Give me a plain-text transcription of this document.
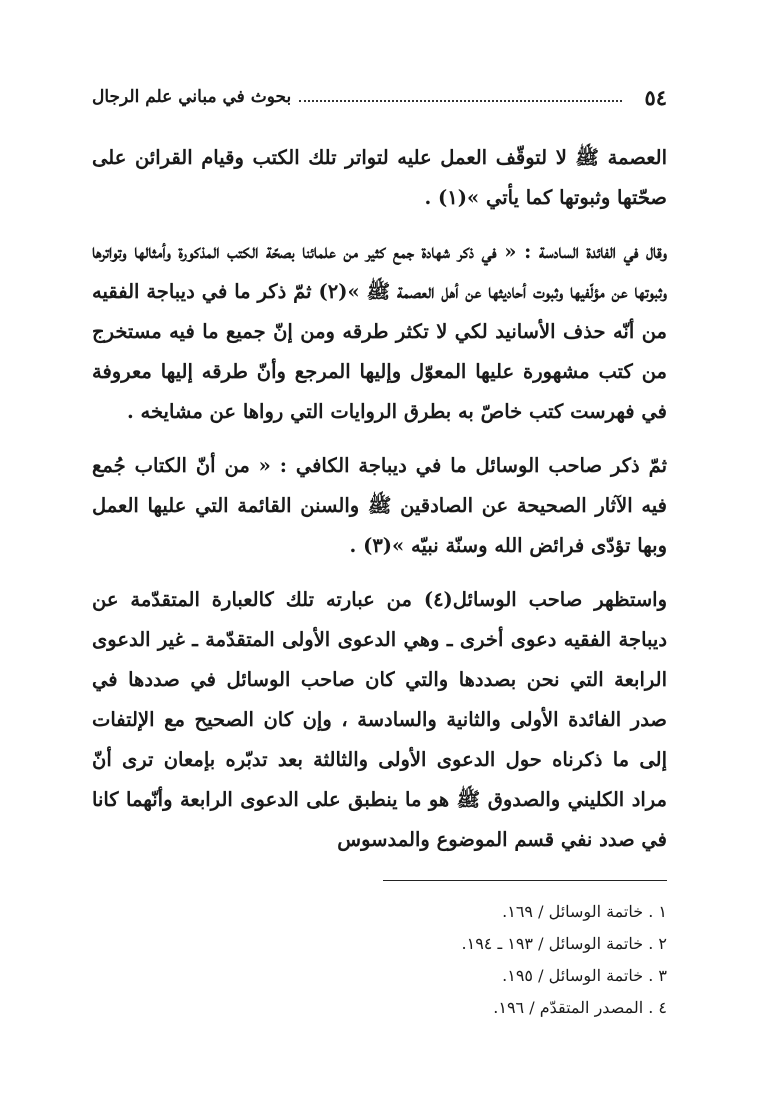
٥٤
بحوث في مباني علم الرجال

العصمة ﷺ لا لتوقّف العمل عليه لتواتر تلك الكتب وقيام القرائن على صحّتها وثبوتها كما يأتي »(١) .

وقال في الفائدة السادسة : « في ذكر شهادة جمع كثير من علمائنا بصحّة الكتب المذكورة وأمثالها وتواترها وثبوتها عن مؤلّفيها وثبوت أحاديثها عن أهل العصمة ﷺ »(٢) ثمّ ذكر ما في ديباجة الفقيه من أنّه حذف الأسانيد لكي لا تكثر طرقه ومن إنّ جميع ما فيه مستخرج من كتب مشهورة عليها المعوّل وإليها المرجع وأنّ طرقه إليها معروفة في فهرست كتب خاصّ به بطرق الروايات التي رواها عن مشايخه .

ثمّ ذكر صاحب الوسائل ما في ديباجة الكافي : « من أنّ الكتاب جُمع فيه الآثار الصحيحة عن الصادقين ﷺ والسنن القائمة التي عليها العمل وبها تؤدّى فرائض الله وسنّة نبيّه »(٣) .

واستظهر صاحب الوسائل(٤) من عبارته تلك كالعبارة المتقدّمة عن ديباجة الفقيه دعوى أخرى ـ وهي الدعوى الأولى المتقدّمة ـ غير الدعوى الرابعة التي نحن بصددها والتي كان صاحب الوسائل في صددها في صدر الفائدة الأولى والثانية والسادسة ، وإن كان الصحيح مع الإلتفات إلى ما ذكرناه حول الدعوى الأولى والثالثة بعد تدبّره بإمعان ترى أنّ مراد الكليني والصدوق ﷺ هو ما ينطبق على الدعوى الرابعة وأنّهما كانا في صدد نفي قسم الموضوع والمدسوس

١ . خاتمة الوسائل / ١٦٩.

٢ . خاتمة الوسائل / ١٩٣ ـ ١٩٤.

٣ . خاتمة الوسائل / ١٩٥.

٤ . المصدر المتقدّم / ١٩٦.
